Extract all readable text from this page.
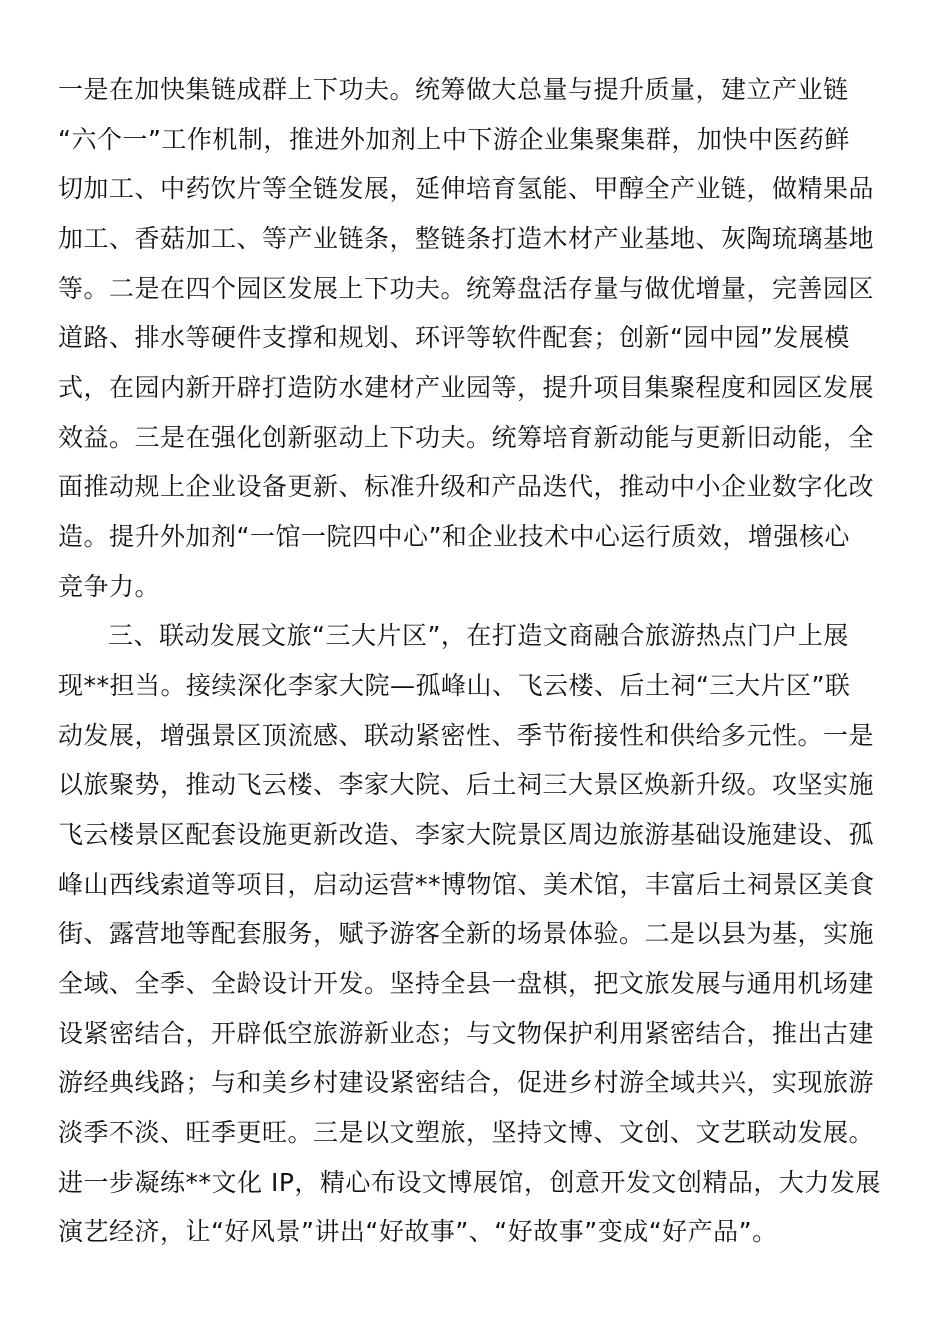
一是在加快集链成群上下功夫。统筹做大总量与提升质量，建立产业链
“六个一”工作机制，推进外加剂上中下游企业集聚集群，加快中医药鲜
切加工、中药饮片等全链发展，延伸培育氢能、甲醇全产业链，做精果品
加工、香菇加工、等产业链条，整链条打造木材产业基地、灰陶琉璃基地
等。二是在四个园区发展上下功夫。统筹盘活存量与做优增量，完善园区
道路、排水等硬件支撑和规划、环评等软件配套；创新“园中园”发展模
式，在园内新开辟打造防水建材产业园等，提升项目集聚程度和园区发展
效益。三是在强化创新驱动上下功夫。统筹培育新动能与更新旧动能，全
面推动规上企业设备更新、标准升级和产品迭代，推动中小企业数字化改
造。提升外加剂“一馆一院四中心”和企业技术中心运行质效，增强核心
竞争力。
三、联动发展文旅“三大片区”，在打造文商融合旅游热点门户上展
现**担当。接续深化李家大院—孤峰山、飞云楼、后土祠“三大片区”联
动发展，增强景区顶流感、联动紧密性、季节衔接性和供给多元性。一是
以旅聚势，推动飞云楼、李家大院、后土祠三大景区焕新升级。攻坚实施
飞云楼景区配套设施更新改造、李家大院景区周边旅游基础设施建设、孤
峰山西线索道等项目，启动运营**博物馆、美术馆，丰富后土祠景区美食
街、露营地等配套服务，赋予游客全新的场景体验。二是以县为基，实施
全域、全季、全龄设计开发。坚持全县一盘棋，把文旅发展与通用机场建
设紧密结合，开辟低空旅游新业态；与文物保护利用紧密结合，推出古建
游经典线路；与和美乡村建设紧密结合，促进乡村游全域共兴，实现旅游
淡季不淡、旺季更旺。三是以文塑旅，坚持文博、文创、文艺联动发展。
进一步凝练**文化 IP，精心布设文博展馆，创意开发文创精品，大力发展
演艺经济，让“好风景”讲出“好故事”、“好故事”变成“好产品”。
